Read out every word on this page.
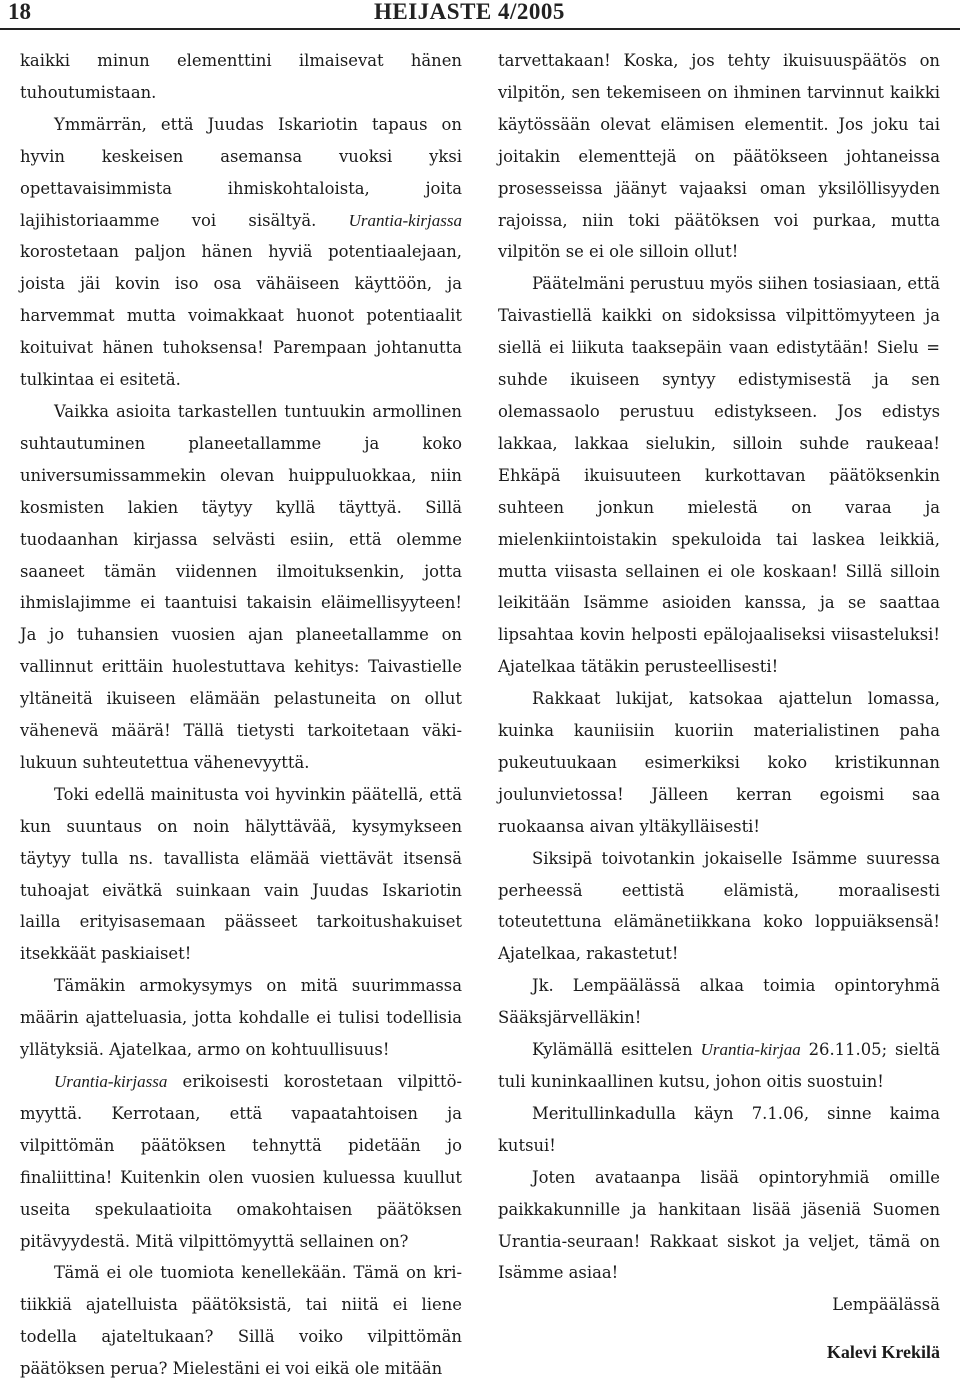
18	HEIJASTE 4/2005

kaikki minun elementtini ilmaisevat hänen tuhoutumistaan.

Ymmärrän, että Juudas Iskariotin tapaus on hyvin keskeisen asemansa vuoksi yksi opettavaisimmista ihmiskohtaloista, joita lajihistoriaamme voi sisältyä. Urantia-kirjassa korostetaan paljon hänen hyviä potentiaalejaan, joista jäi kovin iso osa vähäiseen käyttöön, ja harvemmat mutta voimakkaat huonot potentiaalit koituivat hänen tuhoksensa! Parempaan johtanutta tulkintaa ei esitetä.

Vaikka asioita tarkastellen tuntuukin armollinen suhtautuminen planeetallamme ja koko universumissammekin olevan huippuluokkaa, niin kosmisten lakien täytyy kyllä täyttyä. Sillä tuodaanhan kirjassa selvästi esiin, että olemme saaneet tämän viidennen ilmoituksenkin, jotta ihmislajimme ei taantuisi takaisin eläimellisyyteen! Ja jo tuhansien vuosien ajan planeetallamme on vallinnut erittäin huolestuttava kehitys: Taivastielle yltäneitä ikuiseen elämään pelastuneita on ollut vähenevä määrä! Tällä tietysti tarkoitetaan väkilukuun suhteutettua vähenevyyttä.

Toki edellä mainitusta voi hyvinkin päätellä, että kun suuntaus on noin hälyttävää, kysymykseen täytyy tulla ns. tavallista elämää viettävät itsensä tuhoajat eivätkä suinkaan vain Juudas Iskariotin lailla erityisasemaan päässeet tarkoitushakuiset itsekkäät paskiaiset!

Tämäkin armokysymys on mitä suurimmassa määrin ajatteluasia, jotta kohdalle ei tulisi todellisia yllätyksiä. Ajatelkaa, armo on kohtuullisuus!

Urantia-kirjassa erikoisesti korostetaan vilpittömyyttä. Kerrotaan, että vapaatahtoisen ja vilpittömän päätöksen tehnyttä pidetään jo finaliittina! Kuitenkin olen vuosien kuluessa kuullut useita spekulaatioita omakohtaisen päätöksen pitävyydestä. Mitä vilpittömyyttä sellainen on?

Tämä ei ole tuomiota kenellekään. Tämä on kritiikkiä ajatelluista päätöksistä, tai niitä ei liene todella ajateltukaan? Sillä voiko vilpittömän päätöksen perua? Mielestäni ei voi eikä ole mitään

tarvettakaan! Koska, jos tehty ikuisuuspäätös on vilpitön, sen tekemiseen on ihminen tarvinnut kaikki käytössään olevat elämisen elementit. Jos joku tai joitakin elementtejä on päätökseen johtaneissa prosesseissa jäänyt vajaaksi oman yksilöllisyyden rajoissa, niin toki päätöksen voi purkaa, mutta vilpitön se ei ole silloin ollut!

Päätelmäni perustuu myös siihen tosiasiaan, että Taivastiellä kaikki on sidoksissa vilpittömyyteen ja siellä ei liikuta taaksepäin vaan edistytään! Sielu = suhde ikuiseen syntyy edistymisestä ja sen olemassaolo perustuu edistykseen. Jos edistys lakkaa, lakkaa sielukin, silloin suhde raukeaa! Ehkäpä ikuisuuteen kurkottavan päätöksenkin suhteen jonkun mielestä on varaa ja mielenkiintoistakin spekuloida tai laskea leikkiä, mutta viisasta sellainen ei ole koskaan! Sillä silloin leikitään Isämme asioiden kanssa, ja se saattaa lipsahtaa kovin helposti epälojaaliseksi viisasteluksi! Ajatelkaa tätäkin perusteellisesti!

Rakkaat lukijat, katsokaa ajattelun lomassa, kuinka kauniisiin kuoriin materialistinen paha pukeutuukaan esimerkiksi koko kristikunnan joulunvietossa! Jälleen kerran egoismi saa ruokaansa aivan yltäkylläisesti!

Siksipä toivotankin jokaiselle Isämme suuressa perheessä eettistä elämistä, moraalisesti toteutettuna elämänetiikkana koko loppuiäksensä! Ajatelkaa, rakastetut!

Jk. Lempäälässä alkaa toimia opintoryhmä Sääksjärvelläkin!

Kylämällä esittelen Urantia-kirjaa 26.11.05; sieltä tuli kuninkaallinen kutsu, johon oitis suostuin!

Meritullinkadulla käyn 7.1.06, sinne kaima kutsui!

Joten avataanpa lisää opintoryhmiä omille paikkakunnille ja hankitaan lisää jäseniä Suomen Urantia-seuraan! Rakkaat siskot ja veljet, tämä on Isämme asiaa!

Lempäälässä

Kalevi Krekilä
